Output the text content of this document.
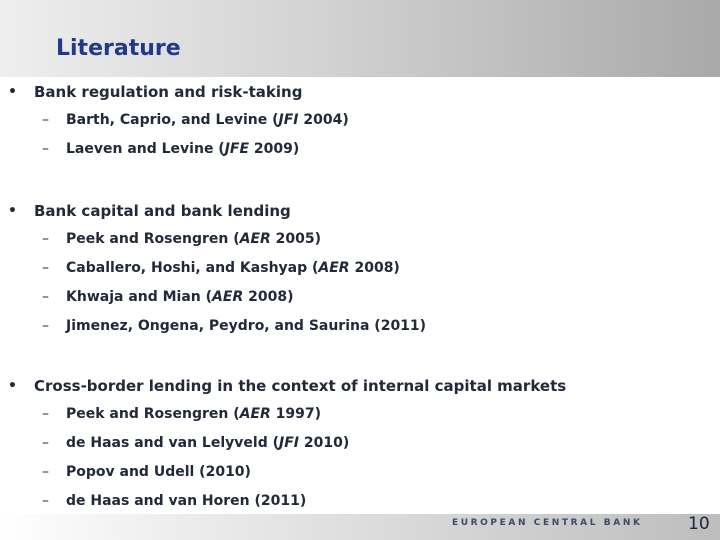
Literature
• Bank regulation and risk-taking
– Barth, Caprio, and Levine (JFI 2004)
– Laeven and Levine (JFE 2009)
• Bank capital and bank lending
– Peek and Rosengren (AER 2005)
– Caballero, Hoshi, and Kashyap (AER 2008)
– Khwaja and Mian (AER 2008)
– Jimenez, Ongena, Peydro, and Saurina (2011)
• Cross-border lending in the context of internal capital markets
– Peek and Rosengren (AER 1997)
– de Haas and van Lelyveld (JFI 2010)
– Popov and Udell (2010)
– de Haas and van Horen (2011)
EUROPEAN CENTRAL BANK	10
